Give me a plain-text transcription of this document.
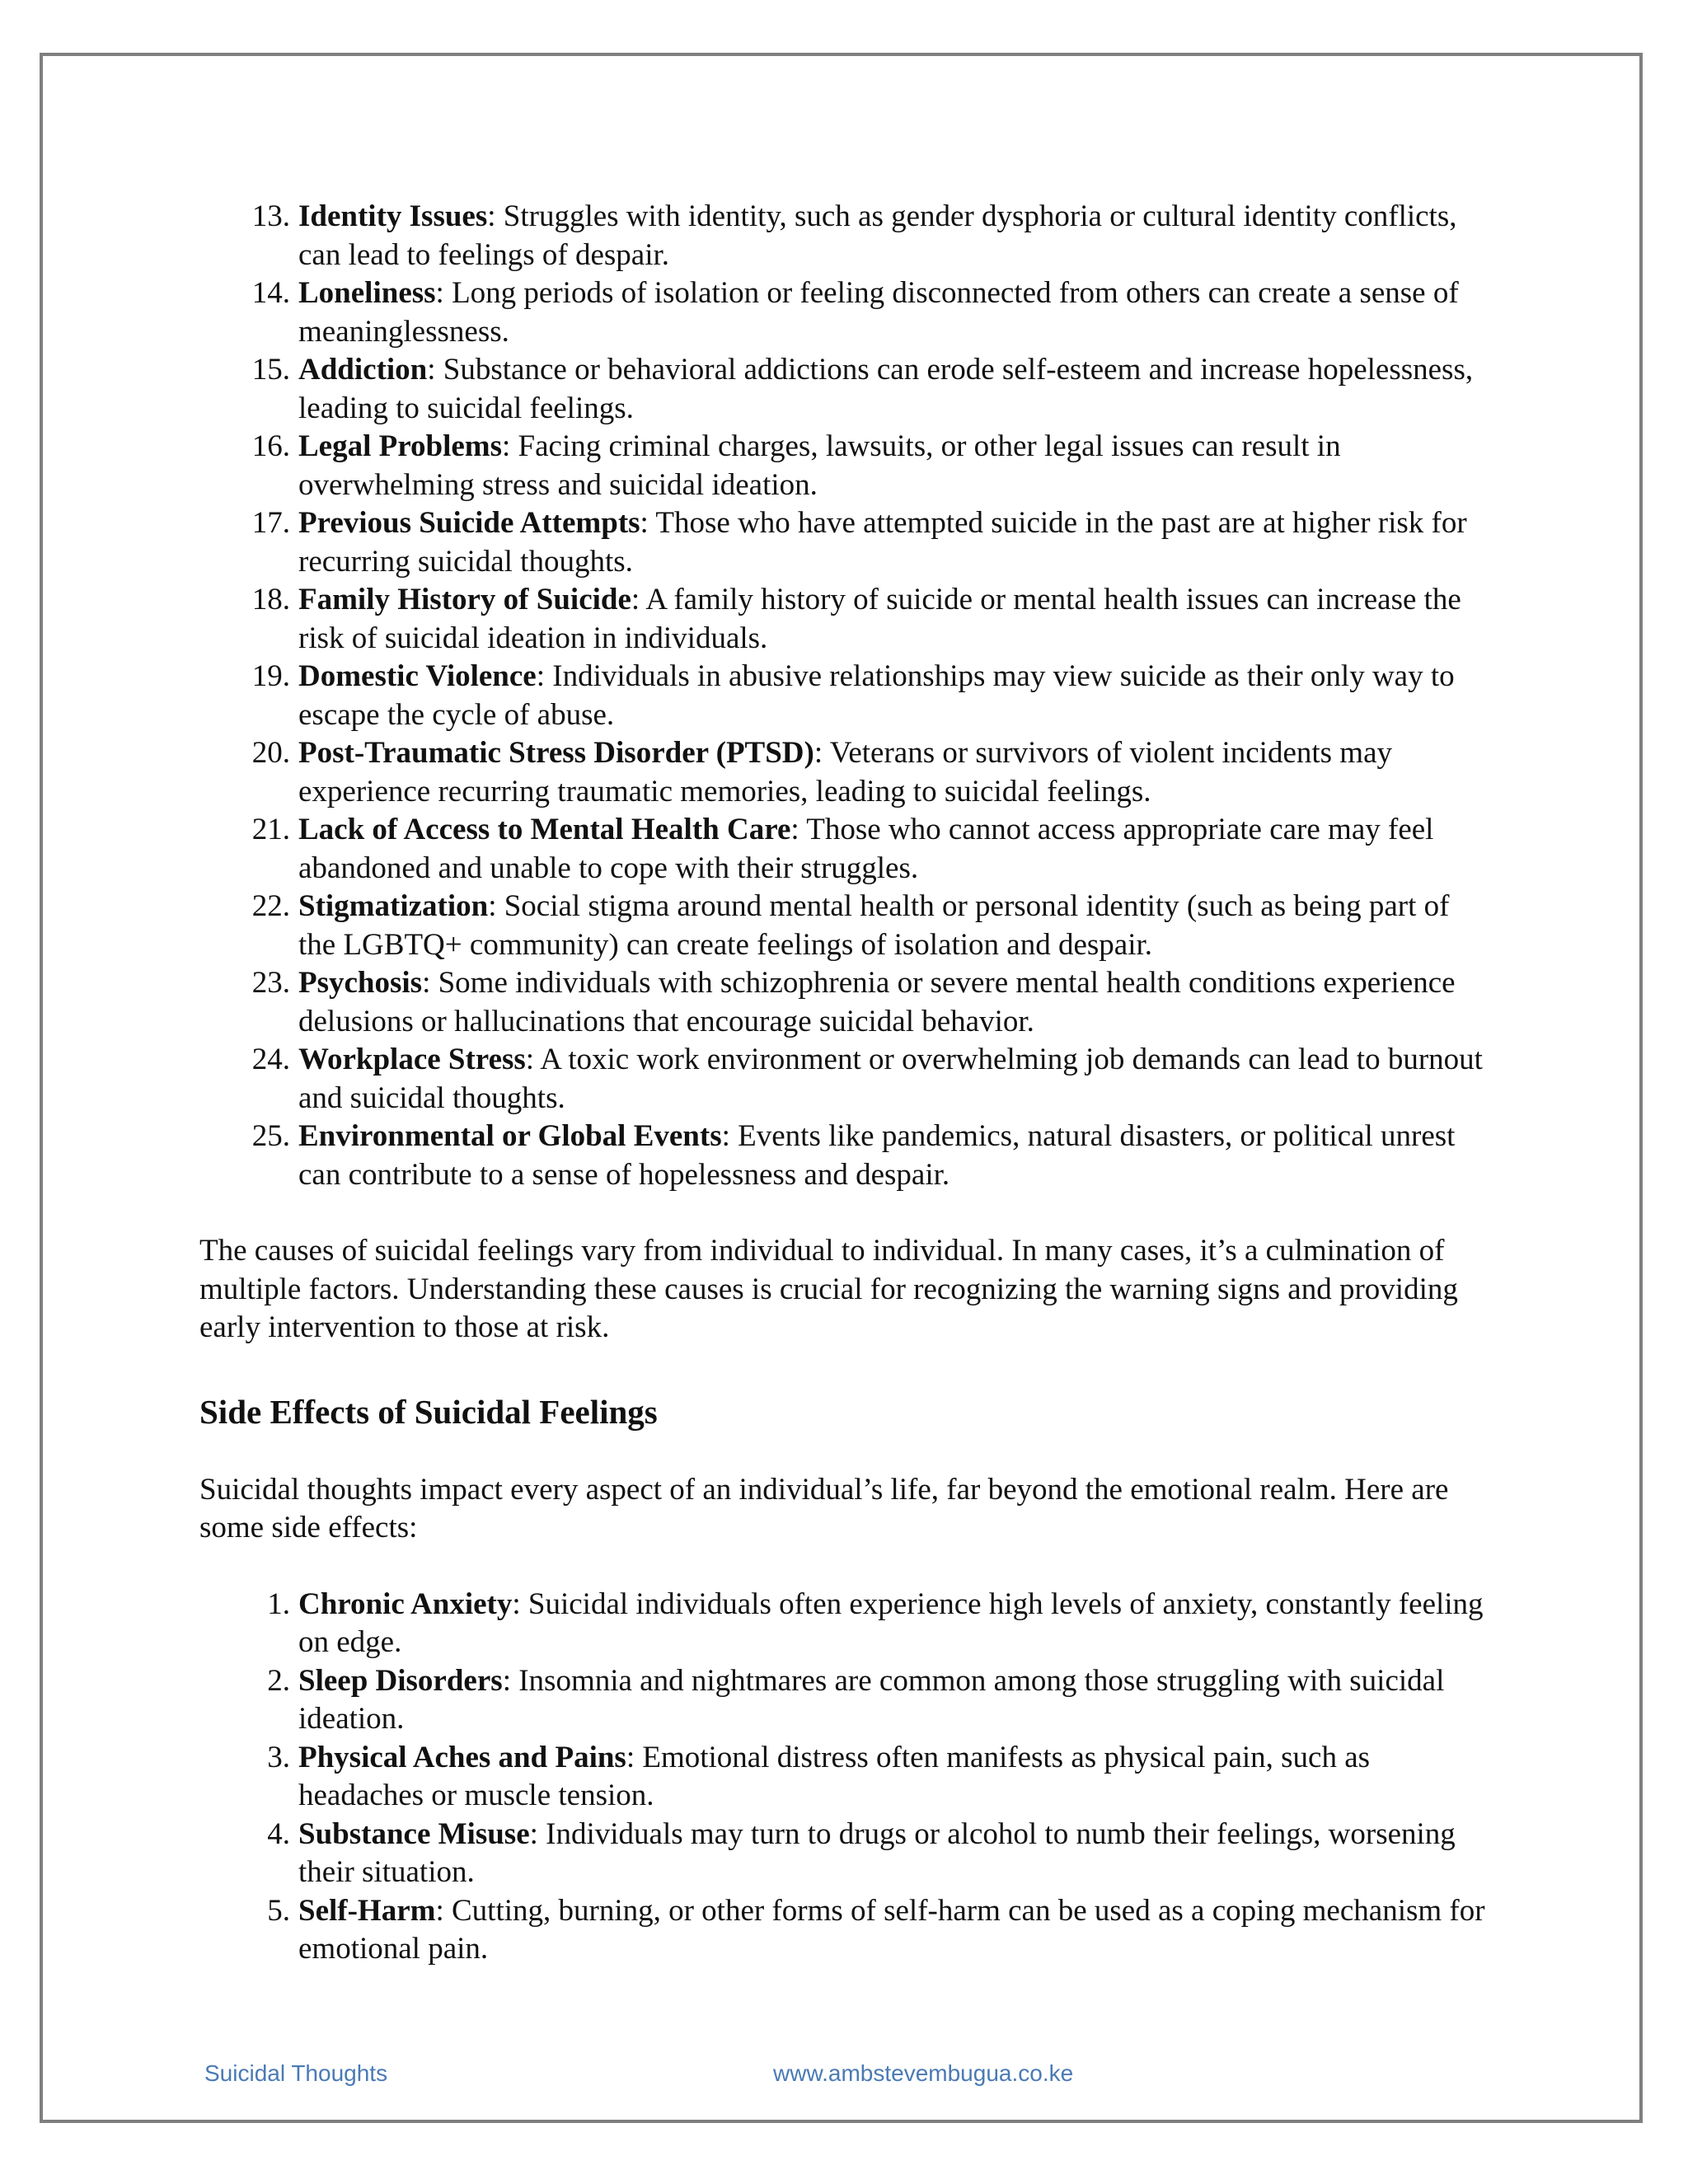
13. Identity Issues: Struggles with identity, such as gender dysphoria or cultural identity conflicts, can lead to feelings of despair.
14. Loneliness: Long periods of isolation or feeling disconnected from others can create a sense of meaninglessness.
15. Addiction: Substance or behavioral addictions can erode self-esteem and increase hopelessness, leading to suicidal feelings.
16. Legal Problems: Facing criminal charges, lawsuits, or other legal issues can result in overwhelming stress and suicidal ideation.
17. Previous Suicide Attempts: Those who have attempted suicide in the past are at higher risk for recurring suicidal thoughts.
18. Family History of Suicide: A family history of suicide or mental health issues can increase the risk of suicidal ideation in individuals.
19. Domestic Violence: Individuals in abusive relationships may view suicide as their only way to escape the cycle of abuse.
20. Post-Traumatic Stress Disorder (PTSD): Veterans or survivors of violent incidents may experience recurring traumatic memories, leading to suicidal feelings.
21. Lack of Access to Mental Health Care: Those who cannot access appropriate care may feel abandoned and unable to cope with their struggles.
22. Stigmatization: Social stigma around mental health or personal identity (such as being part of the LGBTQ+ community) can create feelings of isolation and despair.
23. Psychosis: Some individuals with schizophrenia or severe mental health conditions experience delusions or hallucinations that encourage suicidal behavior.
24. Workplace Stress: A toxic work environment or overwhelming job demands can lead to burnout and suicidal thoughts.
25. Environmental or Global Events: Events like pandemics, natural disasters, or political unrest can contribute to a sense of hopelessness and despair.

The causes of suicidal feelings vary from individual to individual. In many cases, it’s a culmination of multiple factors. Understanding these causes is crucial for recognizing the warning signs and providing early intervention to those at risk.

Side Effects of Suicidal Feelings

Suicidal thoughts impact every aspect of an individual’s life, far beyond the emotional realm. Here are some side effects:

1. Chronic Anxiety: Suicidal individuals often experience high levels of anxiety, constantly feeling on edge.
2. Sleep Disorders: Insomnia and nightmares are common among those struggling with suicidal ideation.
3. Physical Aches and Pains: Emotional distress often manifests as physical pain, such as headaches or muscle tension.
4. Substance Misuse: Individuals may turn to drugs or alcohol to numb their feelings, worsening their situation.
5. Self-Harm: Cutting, burning, or other forms of self-harm can be used as a coping mechanism for emotional pain.
Suicidal Thoughts	www.ambstevembugua.co.ke
